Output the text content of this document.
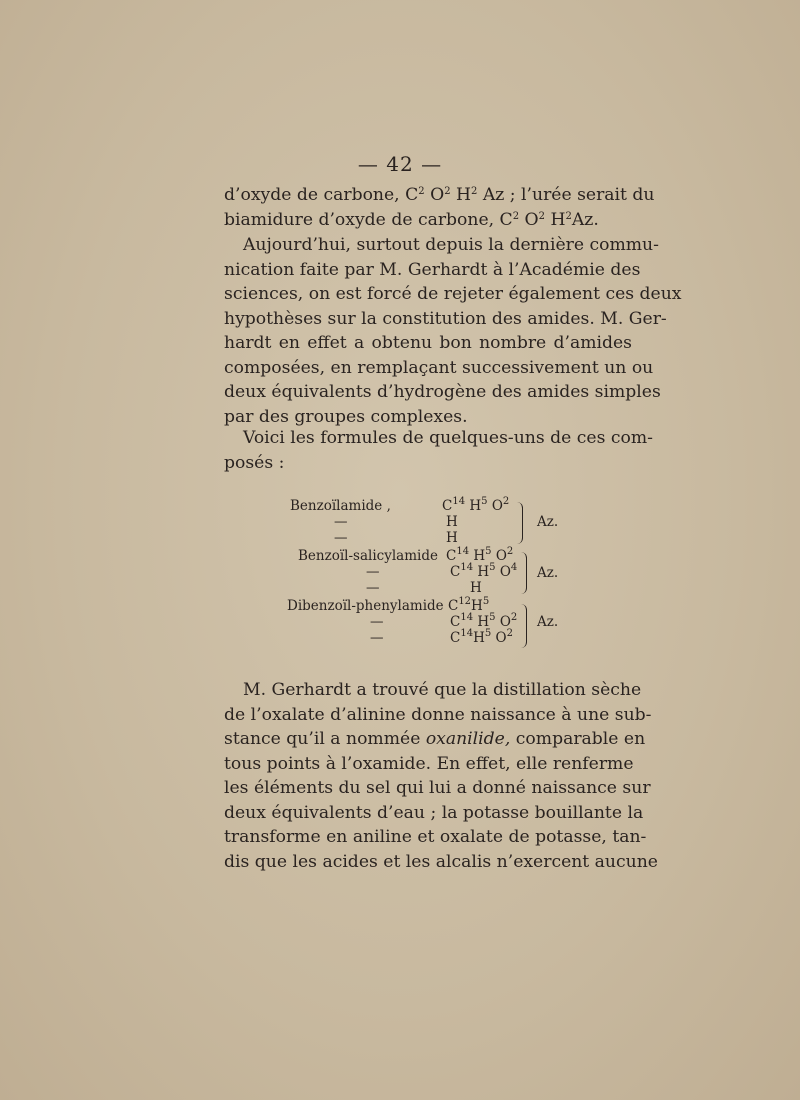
— 42 —
d’oxyde de carbone, $C^2$ $O^2$ $H^2$ Az ; l’urée serait du
biamidure d’oxyde de carbone, $C^2$ $O^2$ $H^2Az$.
Aujourd’hui, surtout depuis la dernière commu-
nication faite par M. Gerhardt à l’Académie des
sciences, on est forcé de rejeter également ces deux
hypothèses sur la constitution des amides. M. Ger-
hardt en effet a obtenu bon nombre d’amides
composées, en remplaçant successivement un ou
deux équivalents d’hydrogène des amides simples
par des groupes complexes.
Voici les formules de quelques-uns de ces com-
posés :
Benzoïlamide ,	$C^{14}$ $H^5$ $O^2$
—	H
—	H
Az.
Benzoïl-salicylamide $C^{14}$ $H^5$ $O^2$
—	$C^{14}$ $H^5$ $O^4$
—	H
Az.
Dibenzoïl-phenylamide $C^{12}H^5$
—	$C^{14}$ $H^5$ $O^2$
—	$C^{14}H^5$ $O^2$
Az.
M. Gerhardt a trouvé que la distillation sèche
de l’oxalate d’alinine donne naissance à une sub-
stance qu’il a nommée oxanilide, comparable en
tous points à l’oxamide. En effet, elle renferme
les éléments du sel qui lui a donné naissance sur
deux équivalents d’eau ; la potasse bouillante la
transforme en aniline et oxalate de potasse, tan-
dis que les acides et les alcalis n’exercent aucune
